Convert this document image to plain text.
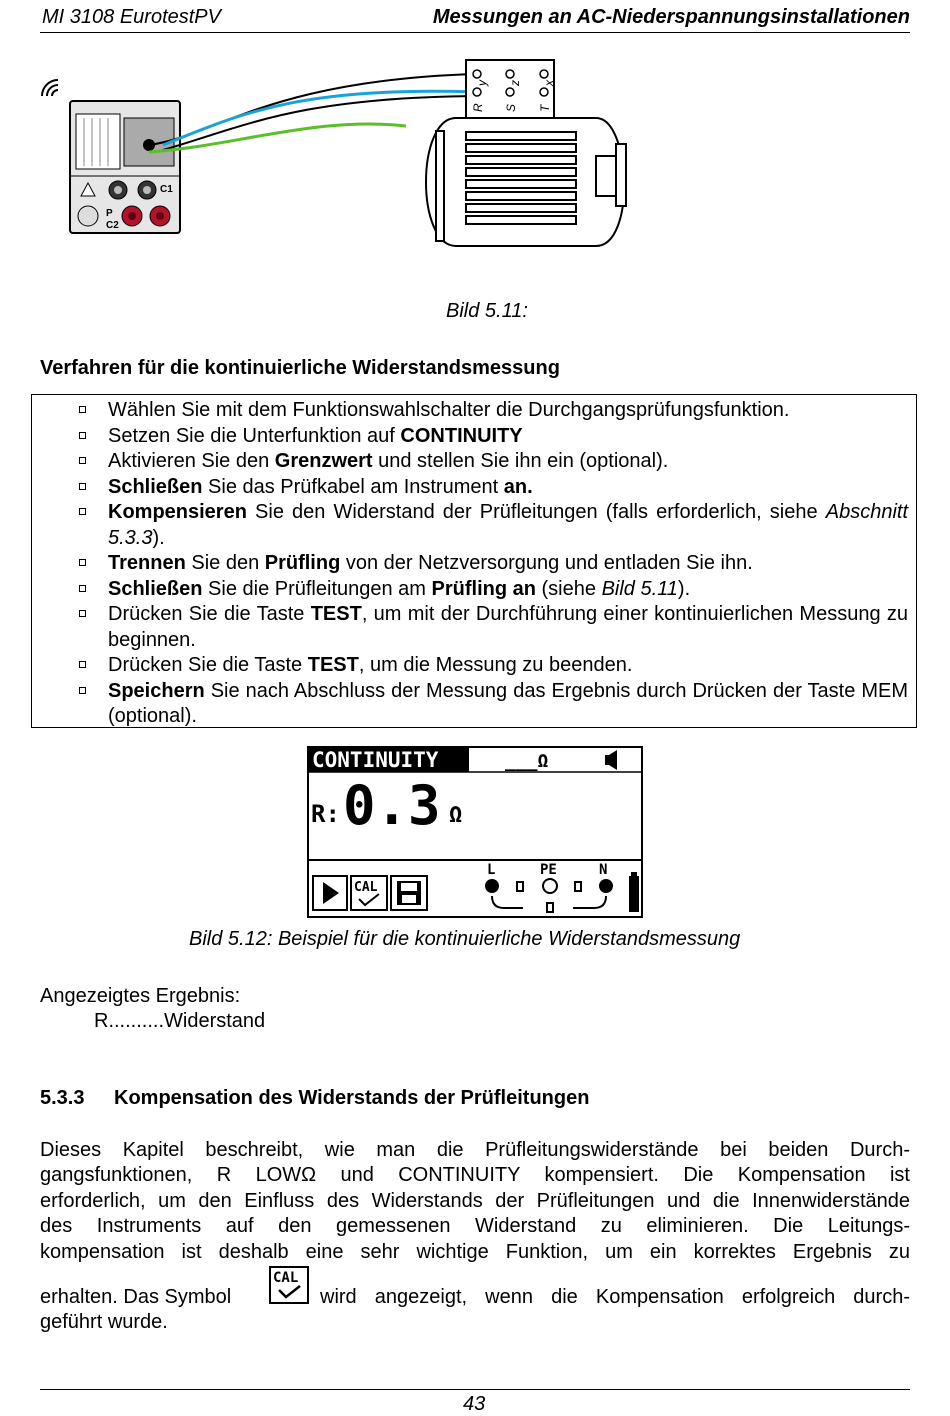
MI 3108 EurotestPV	Messungen an AC-Niederspannungsinstallationen
C1
P
C2
R
y
S
z
T
x
Bild 5.11:
Verfahren für die kontinuierliche Widerstandsmessung
Wählen Sie mit dem Funktionswahlschalter die Durchgangsprüfungsfunktion.
Setzen Sie die Unterfunktion auf CONTINUITY
Aktivieren Sie den Grenzwert und stellen Sie ihn ein (optional).
Schließen Sie das Prüfkabel am Instrument an.
Kompensieren Sie den Widerstand der Prüfleitungen (falls erforderlich, siehe Abschnitt 5.3.3).
Trennen Sie den Prüfling von der Netzversorgung und entladen Sie ihn.
Schließen Sie die Prüfleitungen am Prüfling an (siehe Bild 5.11).
Drücken Sie die Taste TEST, um mit der Durchführung einer kontinuierlichen Messung zu beginnen.
Drücken Sie die Taste TEST, um die Messung zu beenden.
Speichern Sie nach Abschluss der Messung das Ergebnis durch Drücken der Taste MEM (optional).
CONTINUITY	___Ω
R: 0.3 Ω
CAL
L	PE	N
Bild 5.12: Beispiel für die kontinuierliche Widerstandsmessung
Angezeigtes Ergebnis:
R..........Widerstand
5.3.3 Kompensation des Widerstands der Prüfleitungen
Dieses Kapitel beschreibt, wie man die Prüfleitungswiderstände bei beiden Durch-
gangsfunktionen, R LOWΩ und CONTINUITY kompensiert. Die Kompensation ist
erforderlich, um den Einfluss des Widerstands der Prüfleitungen und die Innenwiderstände
des Instruments auf den gemessenen Widerstand zu eliminieren. Die Leitungs-
kompensation ist deshalb eine sehr wichtige Funktion, um ein korrektes Ergebnis zu
erhalten. Das Symbol
CAL
wird angezeigt, wenn die Kompensation erfolgreich durch-
geführt wurde.
43
